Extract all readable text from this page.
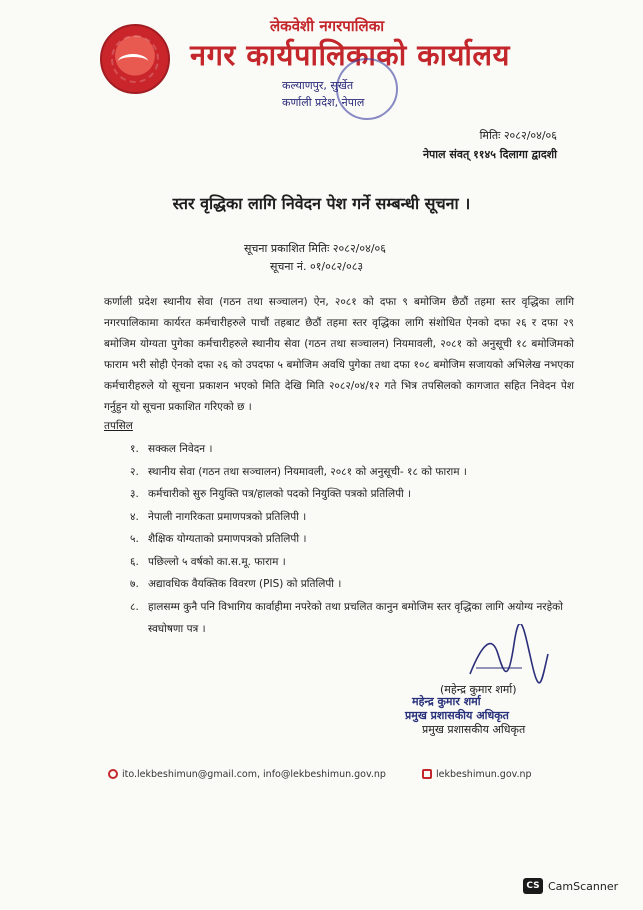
लेकवेशी नगरपालिका
नगर कार्यपालिकाको कार्यालय
कल्याणपुर, सुर्खेत
कर्णाली प्रदेश, नेपाल
मितिः २०८२/०४/०६
नेपाल संवत् ११४५ दिलागा द्वादशी
स्तर वृद्धिका लागि निवेदन पेश गर्ने सम्बन्धी सूचना ।
सूचना प्रकाशित मितिः २०८२/०४/०६
सूचना नं. ०१/०८२/०८३
कर्णाली प्रदेश स्थानीय सेवा (गठन तथा सञ्चालन) ऐन, २०८१ को दफा ९ बमोजिम छैठौं तहमा स्तर वृद्धिका लागि नगरपालिकामा कार्यरत कर्मचारीहरुले पाचौं तहबाट छैठौं तहमा स्तर वृद्धिका लागि संशोधित ऐनको दफा २६ र दफा २९ बमोजिम योग्यता पुगेका कर्मचारीहरुले स्थानीय सेवा (गठन तथा सञ्चालन) नियमावली, २०८१ को अनुसूची १८ बमोजिमको फाराम भरी सोही ऐनको दफा २६ को उपदफा ५ बमोजिम अवधि पुगेका तथा दफा १०८ बमोजिम सजायको अभिलेख नभएका कर्मचारीहरुले यो सूचना प्रकाशन भएको मिति देखि मिति २०८२/०४/१२ गते भित्र तपसिलको कागजात सहित निवेदन पेश गर्नुहुन यो सूचना प्रकाशित गरिएको छ ।
तपसिल
१. सक्कल निवेदन ।
२. स्थानीय सेवा (गठन तथा सञ्चालन) नियमावली, २०८१ को अनुसूची- १८ को फाराम ।
३. कर्मचारीको सुरु नियुक्ति पत्र/हालको पदको नियुक्ति पत्रको प्रतिलिपी ।
४. नेपाली नागरिकता प्रमाणपत्रको प्रतिलिपी ।
५. शैक्षिक योग्यताको प्रमाणपत्रको प्रतिलिपी ।
६. पछिल्लो ५ वर्षको का.स.मू. फाराम ।
७. अद्यावधिक वैयक्तिक विवरण (PIS) को प्रतिलिपी ।
८. हालसम्म कुनै पनि विभागिय कार्वाहीमा नपरेको तथा प्रचलित कानुन बमोजिम स्तर वृद्धिका लागि अयोग्य नरहेको स्वघोषणा पत्र ।
(महेन्द्र कुमार शर्मा)
महेन्द्र कुमार शर्मा
प्रमुख प्रशासकीय अधिकृत
प्रमुख प्रशासकीय अधिकृत
ito.lekbeshimun@gmail.com, info@lekbeshimun.gov.np	lekbeshimun.gov.np
CS CamScanner
